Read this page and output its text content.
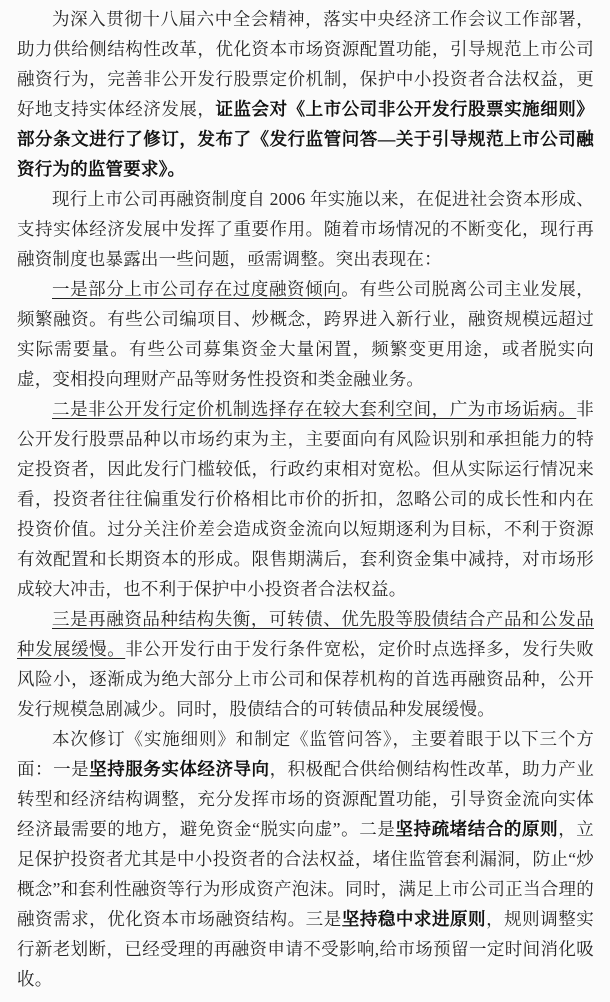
为深入贯彻十八届六中全会精神，落实中央经济工作会议工作部署，助力供给侧结构性改革，优化资本市场资源配置功能，引导规范上市公司融资行为，完善非公开发行股票定价机制，保护中小投资者合法权益，更好地支持实体经济发展，证监会对《上市公司非公开发行股票实施细则》部分条文进行了修订，发布了《发行监管问答—关于引导规范上市公司融资行为的监管要求》。

现行上市公司再融资制度自 2006 年实施以来，在促进社会资本形成、支持实体经济发展中发挥了重要作用。随着市场情况的不断变化，现行再融资制度也暴露出一些问题，亟需调整。突出表现在：

一是部分上市公司存在过度融资倾向。有些公司脱离公司主业发展，频繁融资。有些公司编项目、炒概念，跨界进入新行业，融资规模远超过实际需要量。有些公司募集资金大量闲置，频繁变更用途，或者脱实向虚，变相投向理财产品等财务性投资和类金融业务。

二是非公开发行定价机制选择存在较大套利空间，广为市场诟病。非公开发行股票品种以市场约束为主，主要面向有风险识别和承担能力的特定投资者，因此发行门槛较低，行政约束相对宽松。但从实际运行情况来看，投资者往往偏重发行价格相比市价的折扣，忽略公司的成长性和内在投资价值。过分关注价差会造成资金流向以短期逐利为目标，不利于资源有效配置和长期资本的形成。限售期满后，套利资金集中减持，对市场形成较大冲击，也不利于保护中小投资者合法权益。

三是再融资品种结构失衡，可转债、优先股等股债结合产品和公发品种发展缓慢。非公开发行由于发行条件宽松，定价时点选择多，发行失败风险小，逐渐成为绝大部分上市公司和保荐机构的首选再融资品种，公开发行规模急剧减少。同时，股债结合的可转债品种发展缓慢。

本次修订《实施细则》和制定《监管问答》，主要着眼于以下三个方面：一是坚持服务实体经济导向，积极配合供给侧结构性改革，助力产业转型和经济结构调整，充分发挥市场的资源配置功能，引导资金流向实体经济最需要的地方，避免资金“脱实向虚”。二是坚持疏堵结合的原则，立足保护投资者尤其是中小投资者的合法权益，堵住监管套利漏洞，防止“炒概念”和套利性融资等行为形成资产泡沫。同时，满足上市公司正当合理的融资需求，优化资本市场融资结构。三是坚持稳中求进原则，规则调整实行新老划断，已经受理的再融资申请不受影响,给市场预留一定时间消化吸收。
